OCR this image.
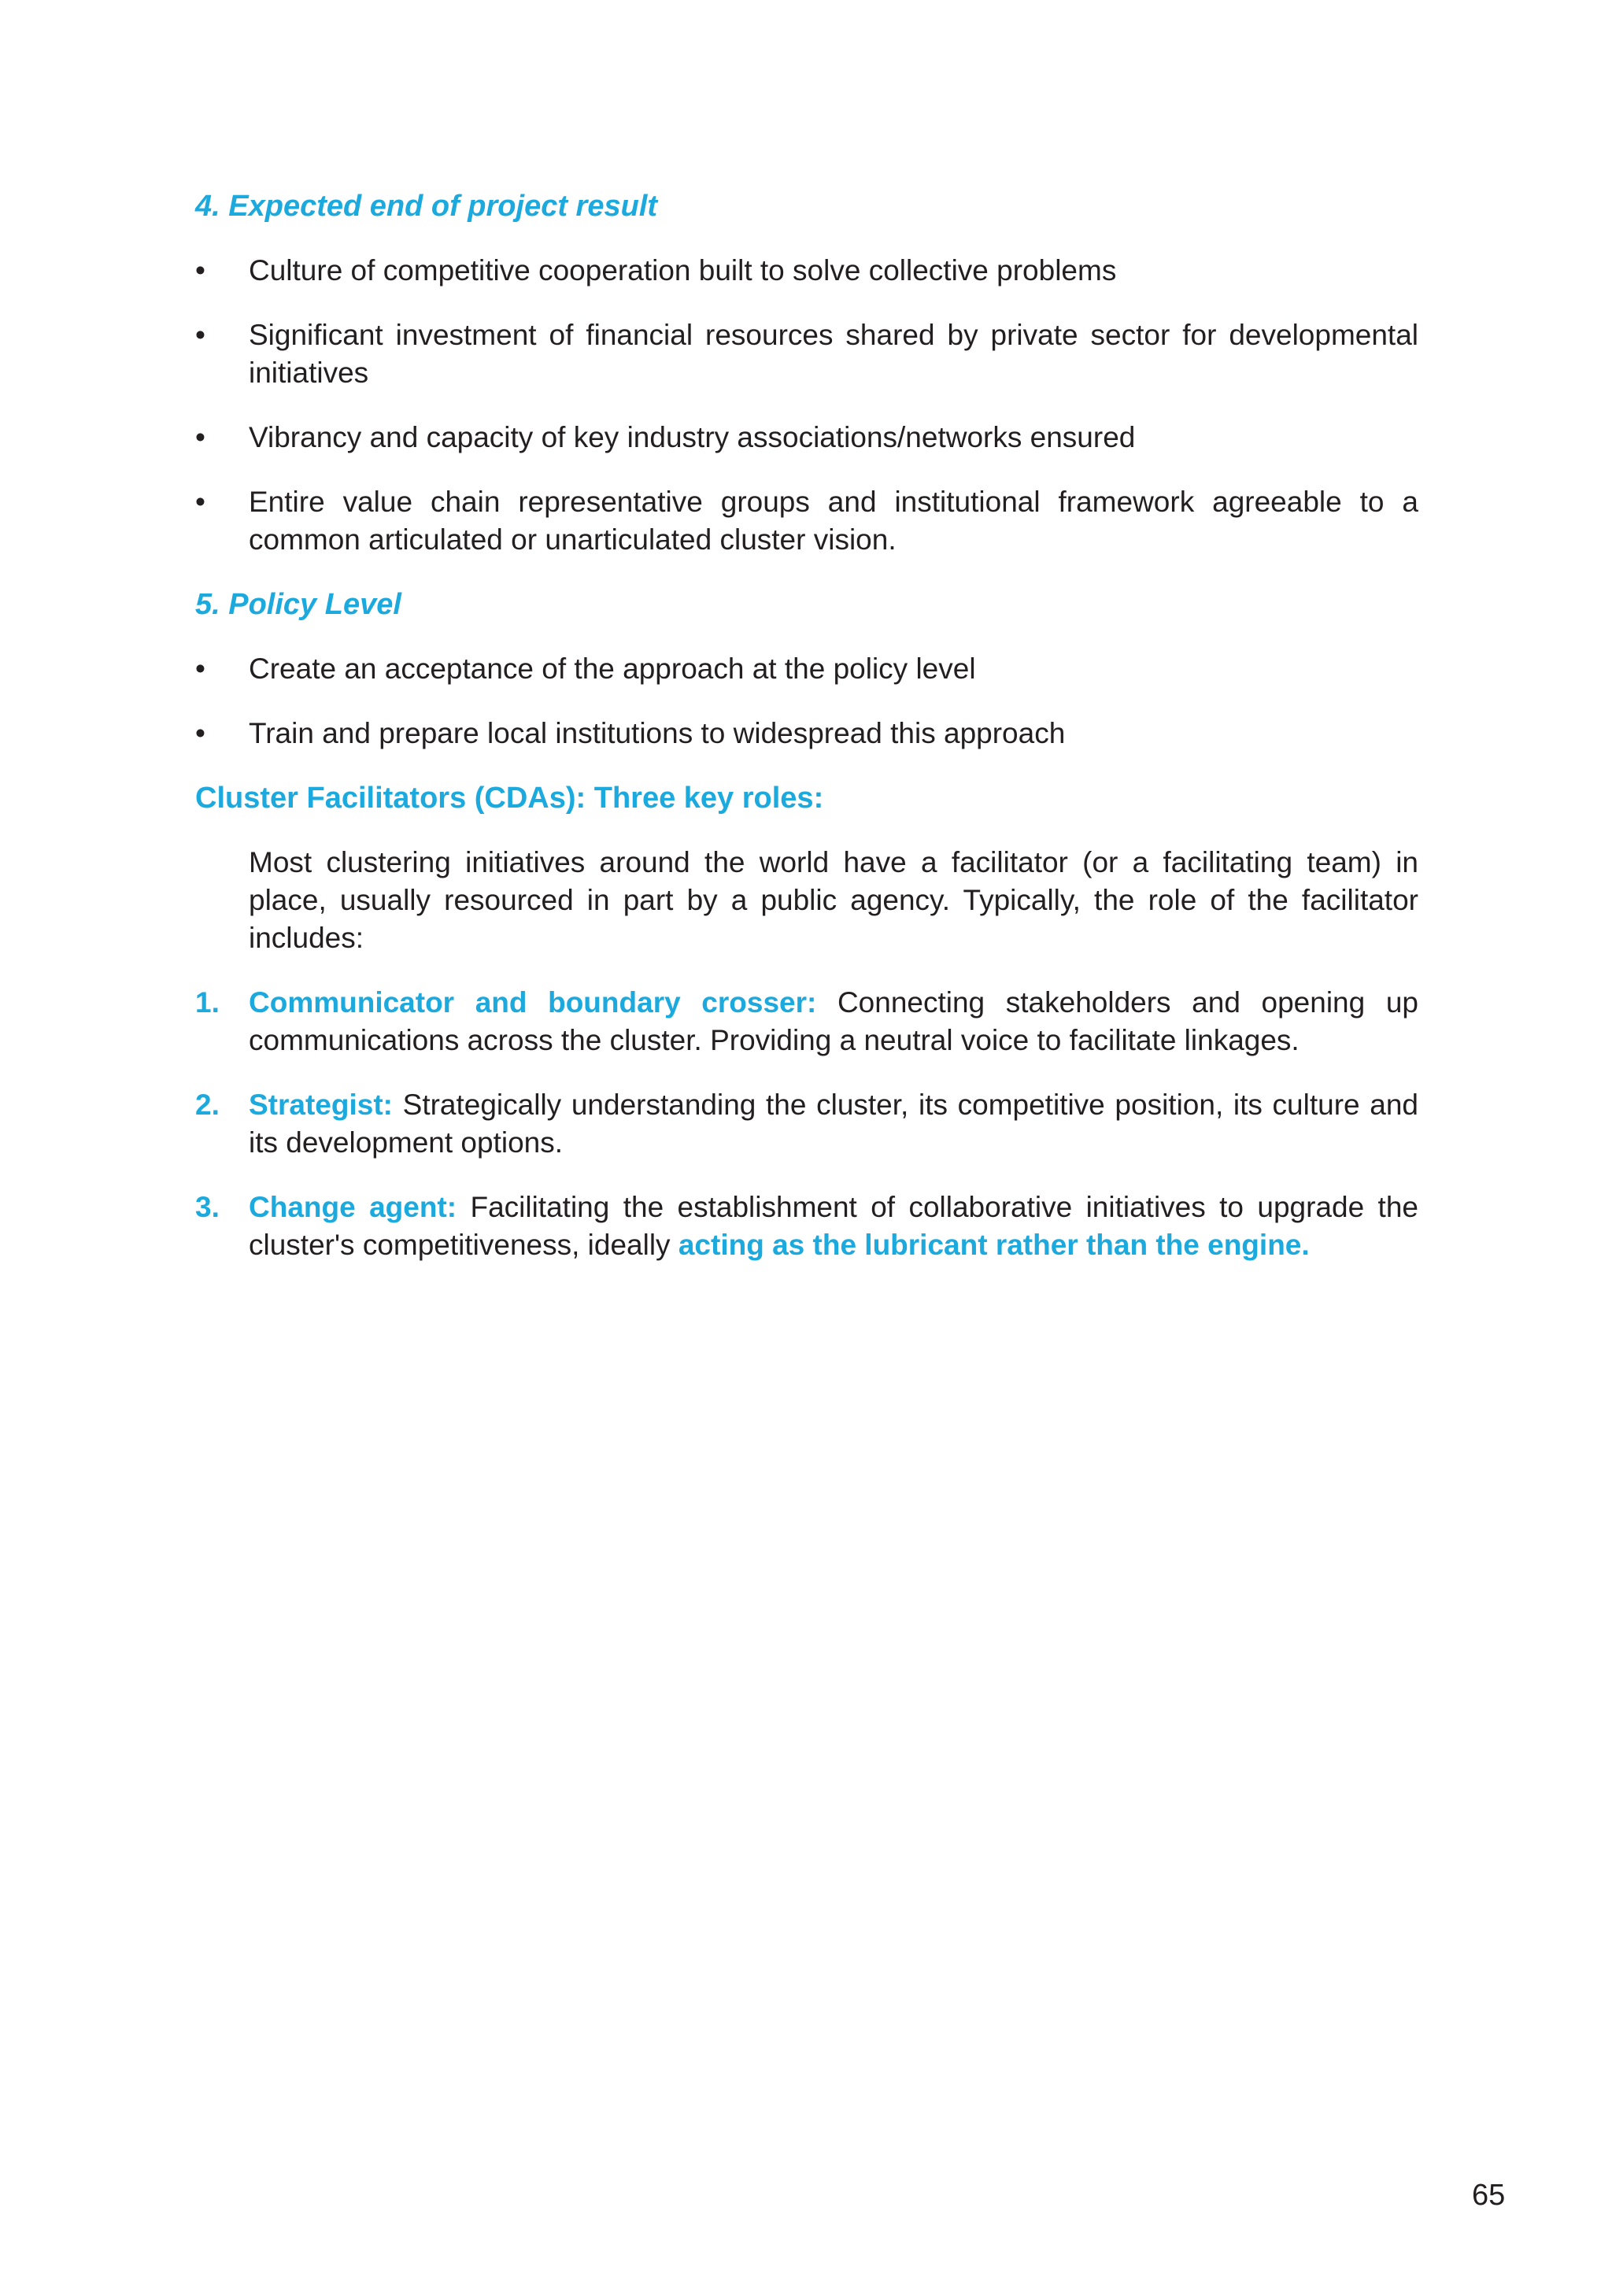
4. Expected end of project result
• Culture of competitive cooperation built to solve collective problems
• Significant investment of financial resources shared by private sector for developmental initiatives
• Vibrancy and capacity of key industry associations/networks ensured
• Entire value chain representative groups and institutional framework agreeable to a common articulated or unarticulated cluster vision.
5. Policy Level
• Create an acceptance of the approach at the policy level
• Train and prepare local institutions to widespread this approach
Cluster Facilitators (CDAs): Three key roles:
Most clustering initiatives around the world have a facilitator (or a facilitating team) in place, usually resourced in part by a public agency. Typically, the role of the facilitator includes:
1. Communicator and boundary crosser: Connecting stakeholders and opening up communications across the cluster. Providing a neutral voice to facilitate linkages.
2. Strategist: Strategically understanding the cluster, its competitive position, its culture and its development options.
3. Change agent: Facilitating the establishment of collaborative initiatives to upgrade the cluster's competitiveness, ideally acting as the lubricant rather than the engine.
65
